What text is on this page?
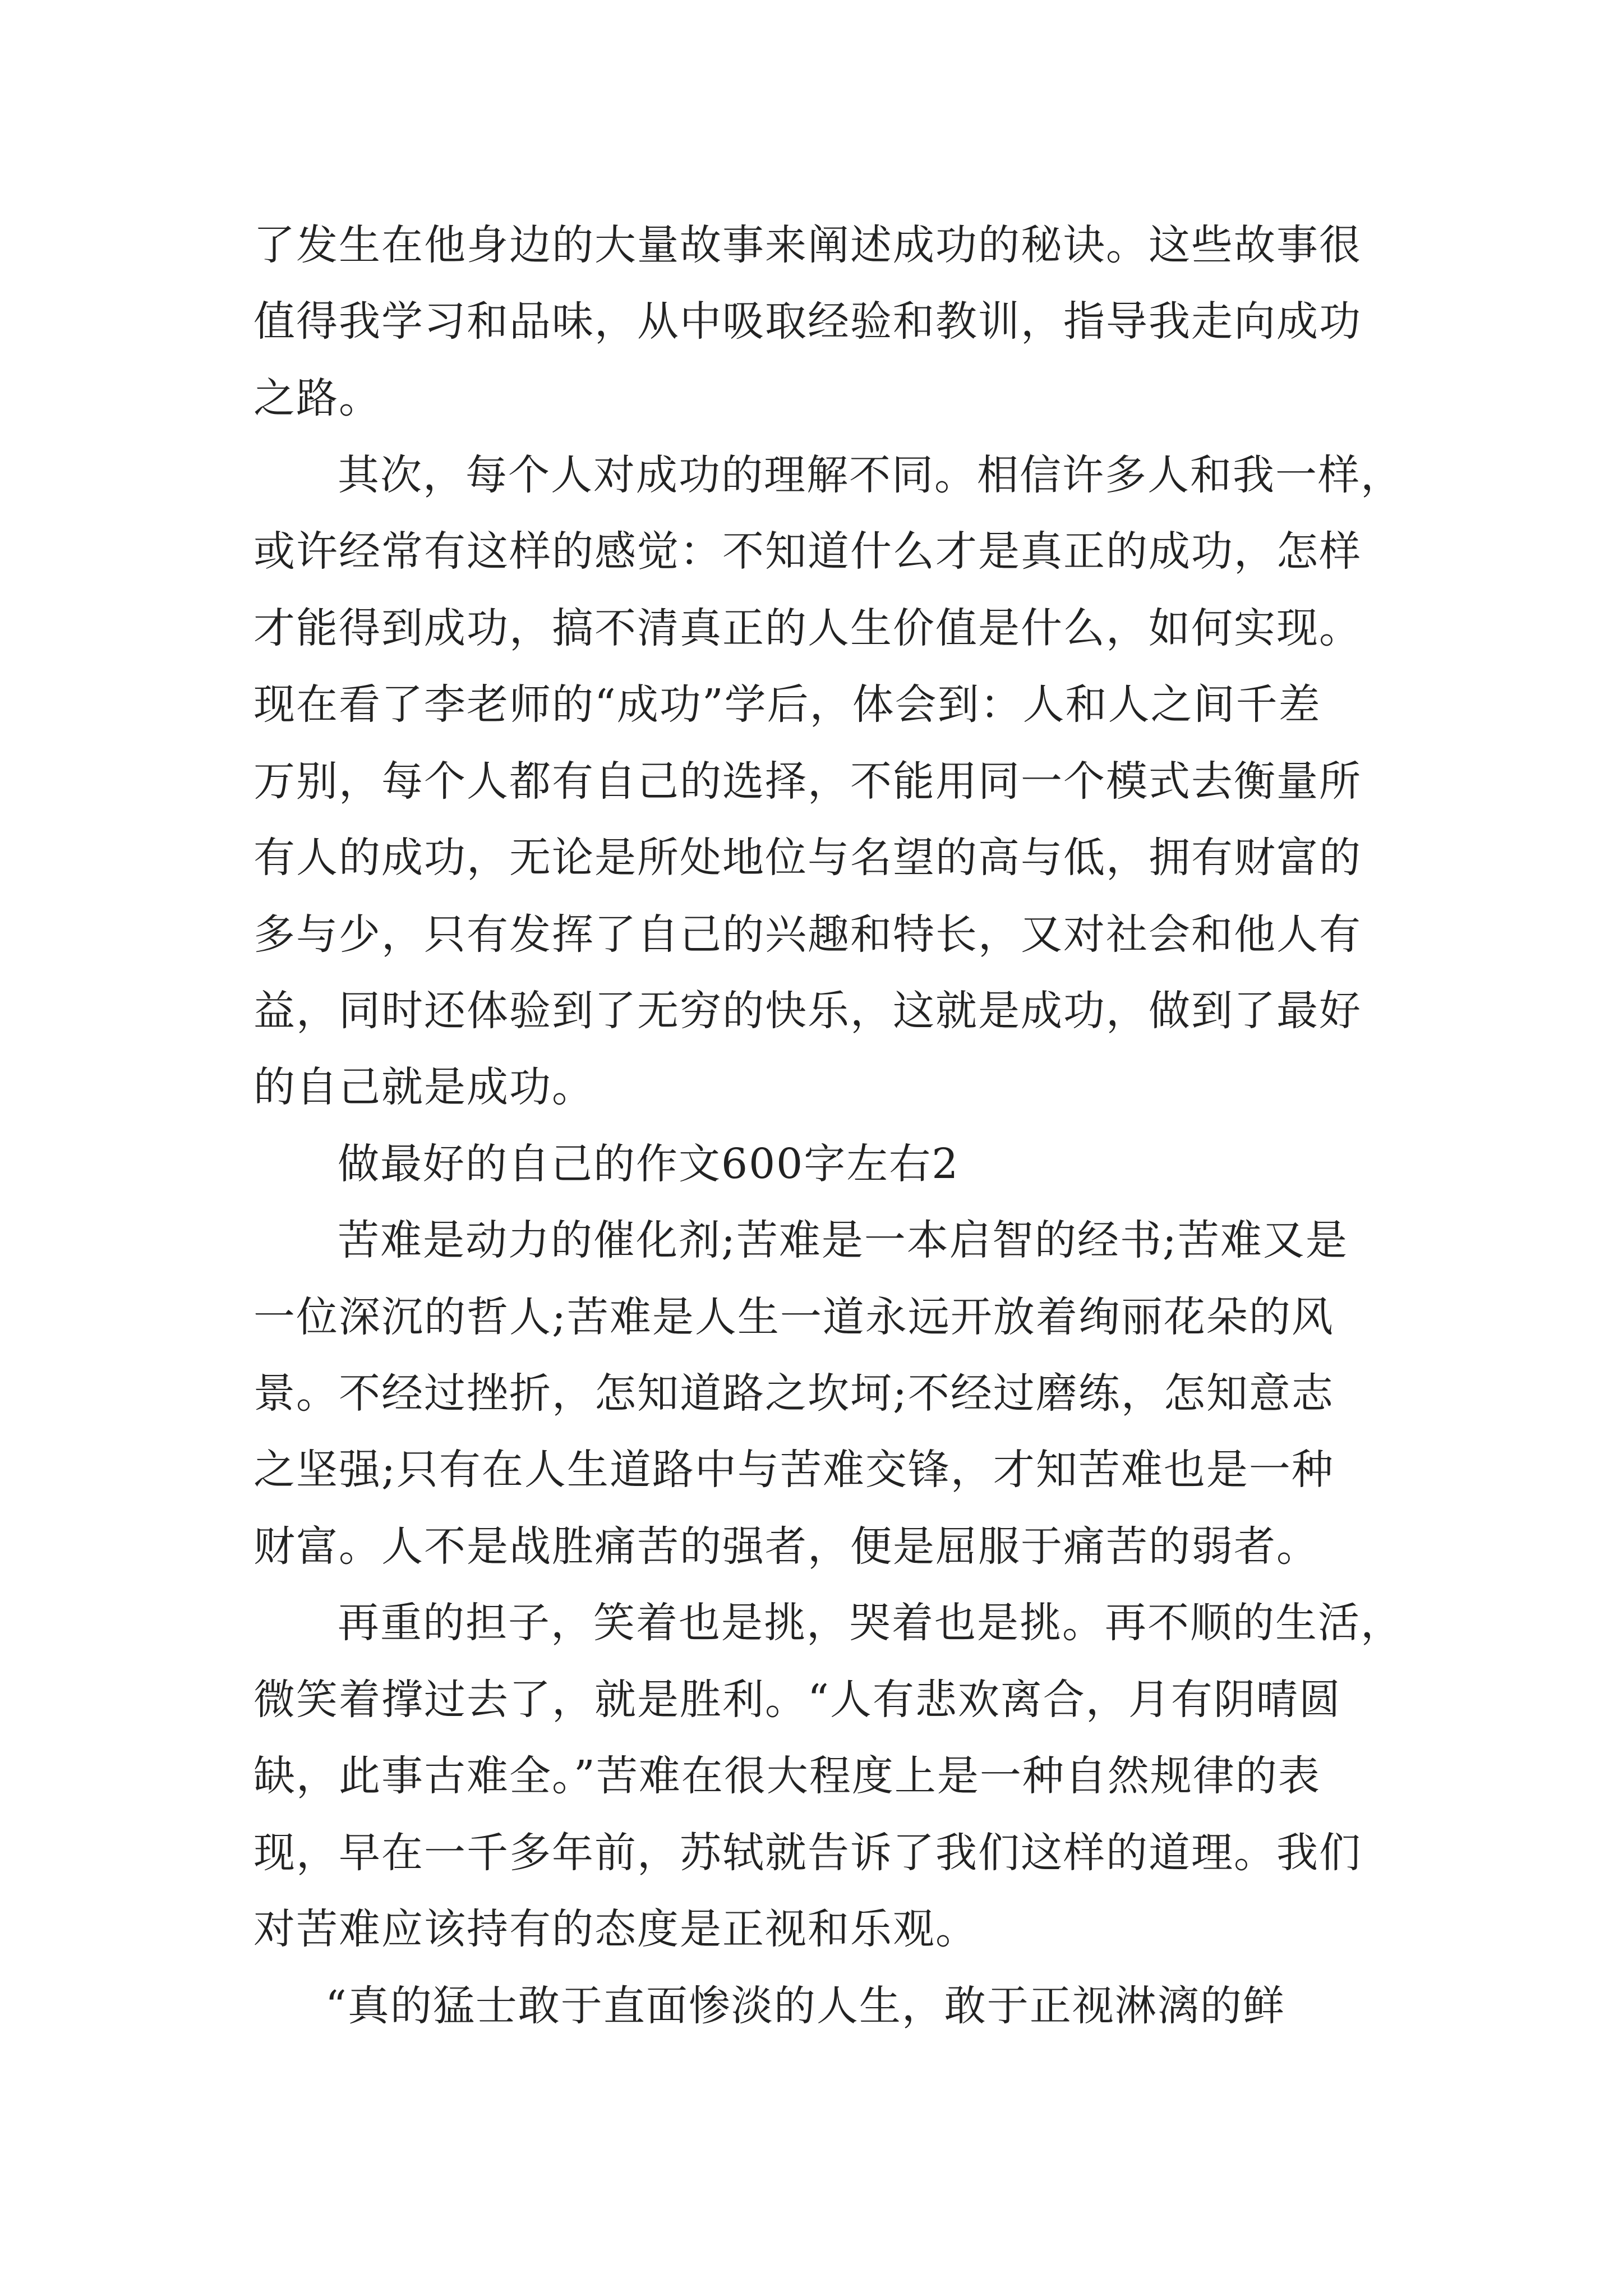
了发生在他身边的大量故事来阐述成功的秘诀。这些故事很
值得我学习和品味，从中吸取经验和教训，指导我走向成功
之路。
其次，每个人对成功的理解不同。相信许多人和我一样，
或许经常有这样的感觉：不知道什么才是真正的成功，怎样
才能得到成功，搞不清真正的人生价值是什么，如何实现。
现在看了李老师的“成功”学后，体会到：人和人之间千差
万别，每个人都有自己的选择，不能用同一个模式去衡量所
有人的成功，无论是所处地位与名望的高与低，拥有财富的
多与少，只有发挥了自己的兴趣和特长，又对社会和他人有
益，同时还体验到了无穷的快乐，这就是成功，做到了最好
的自己就是成功。
做最好的自己的作文600字左右2
苦难是动力的催化剂;苦难是一本启智的经书;苦难又是
一位深沉的哲人;苦难是人生一道永远开放着绚丽花朵的风
景。不经过挫折，怎知道路之坎坷;不经过磨练，怎知意志
之坚强;只有在人生道路中与苦难交锋，才知苦难也是一种
财富。人不是战胜痛苦的强者，便是屈服于痛苦的弱者。
再重的担子，笑着也是挑，哭着也是挑。再不顺的生活，
微笑着撑过去了，就是胜利。“人有悲欢离合，月有阴晴圆
缺，此事古难全。”苦难在很大程度上是一种自然规律的表
现，早在一千多年前，苏轼就告诉了我们这样的道理。我们
对苦难应该持有的态度是正视和乐观。
“真的猛士敢于直面惨淡的人生，敢于正视淋漓的鲜
